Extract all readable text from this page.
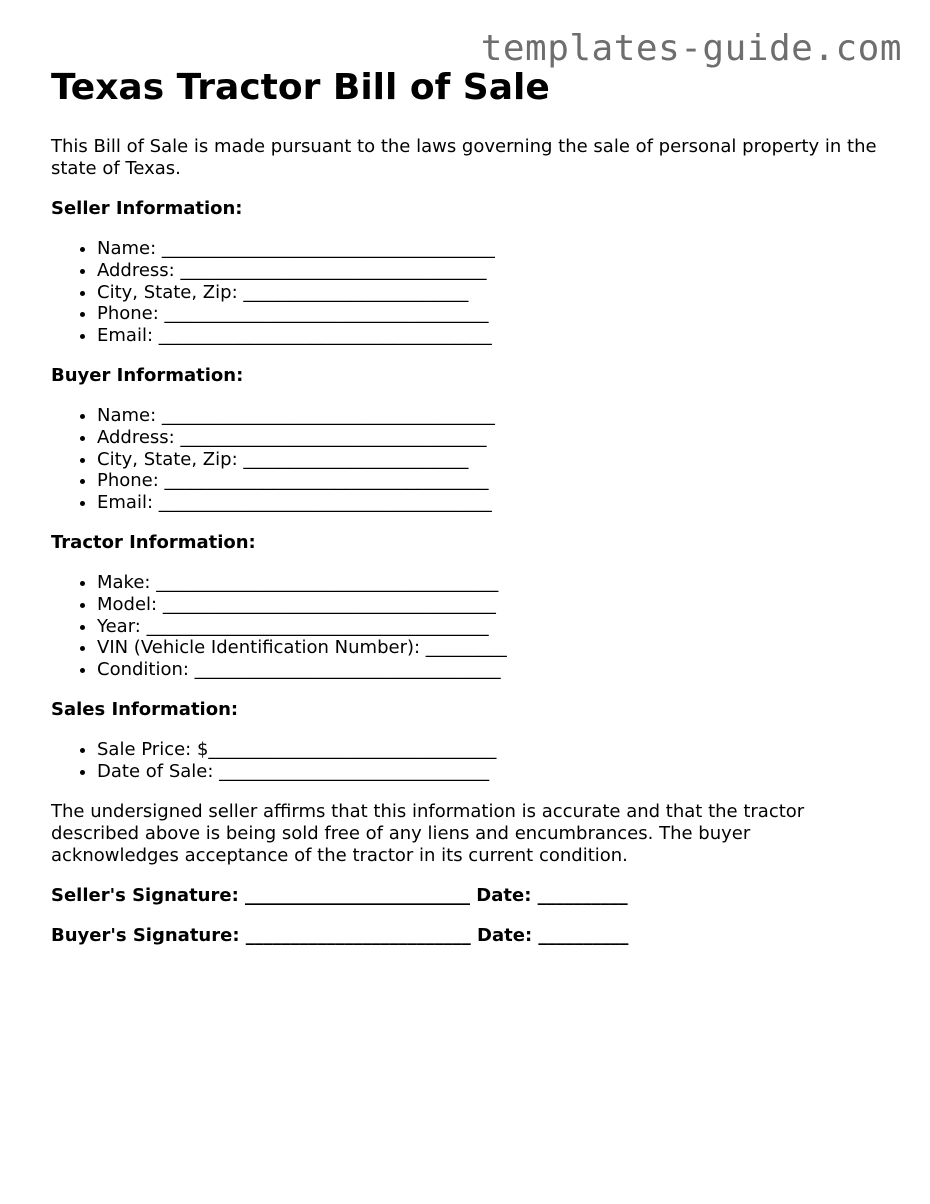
templates-guide.com
Texas Tractor Bill of Sale

This Bill of Sale is made pursuant to the laws governing the sale of personal property in the state of Texas.

Seller Information:

• Name: _____________________________________
• Address: __________________________________
• City, State, Zip: _________________________
• Phone: ____________________________________
• Email: _____________________________________

Buyer Information:

• Name: _____________________________________
• Address: __________________________________
• City, State, Zip: _________________________
• Phone: ____________________________________
• Email: _____________________________________

Tractor Information:

• Make: ______________________________________
• Model: _____________________________________
• Year: ______________________________________
• VIN (Vehicle Identification Number): _________
• Condition: __________________________________

Sales Information:

• Sale Price: $________________________________
• Date of Sale: ______________________________

The undersigned seller affirms that this information is accurate and that the tractor described above is being sold free of any liens and encumbrances. The buyer acknowledges acceptance of the tractor in its current condition.

Seller's Signature: _________________________ Date: __________

Buyer's Signature: _________________________ Date: __________
